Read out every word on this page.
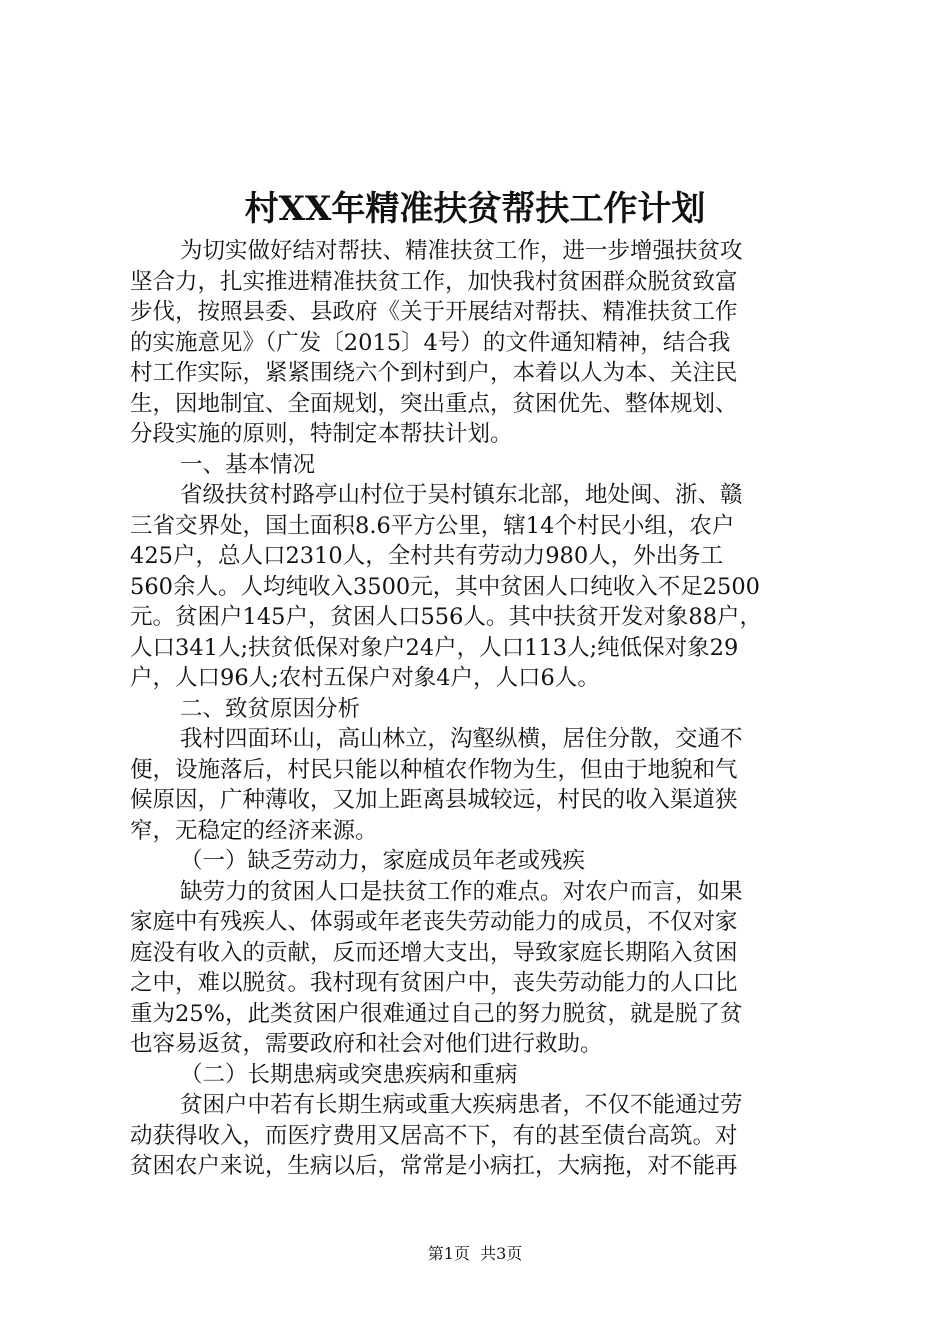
村XX年精准扶贫帮扶工作计划
为切实做好结对帮扶、精准扶贫工作，进一步增强扶贫攻
坚合力，扎实推进精准扶贫工作，加快我村贫困群众脱贫致富
步伐，按照县委、县政府《关于开展结对帮扶、精准扶贫工作
的实施意见》（广发〔2015〕4号）的文件通知精神，结合我
村工作实际，紧紧围绕六个到村到户，本着以人为本、关注民
生，因地制宜、全面规划，突出重点，贫困优先、整体规划、
分段实施的原则，特制定本帮扶计划。
一、基本情况
省级扶贫村路亭山村位于吴村镇东北部，地处闽、浙、赣
三省交界处，国土面积8.6平方公里，辖14个村民小组，农户
425户，总人口2310人，全村共有劳动力980人，外出务工
560余人。人均纯收入3500元，其中贫困人口纯收入不足2500
元。贫困户145户，贫困人口556人。其中扶贫开发对象88户，
人口341人;扶贫低保对象户24户，人口113人;纯低保对象29
户，人口96人;农村五保户对象4户，人口6人。
二、致贫原因分析
我村四面环山，高山林立，沟壑纵横，居住分散，交通不
便，设施落后，村民只能以种植农作物为生，但由于地貌和气
候原因，广种薄收，又加上距离县城较远，村民的收入渠道狭
窄，无稳定的经济来源。
（一）缺乏劳动力，家庭成员年老或残疾
缺劳力的贫困人口是扶贫工作的难点。对农户而言，如果
家庭中有残疾人、体弱或年老丧失劳动能力的成员，不仅对家
庭没有收入的贡献，反而还增大支出，导致家庭长期陷入贫困
之中，难以脱贫。我村现有贫困户中，丧失劳动能力的人口比
重为25%，此类贫困户很难通过自己的努力脱贫，就是脱了贫
也容易返贫，需要政府和社会对他们进行救助。
（二）长期患病或突患疾病和重病
贫困户中若有长期生病或重大疾病患者，不仅不能通过劳
动获得收入，而医疗费用又居高不下，有的甚至债台高筑。对
贫困农户来说，生病以后，常常是小病扛，大病拖，对不能再
第1页  共3页
